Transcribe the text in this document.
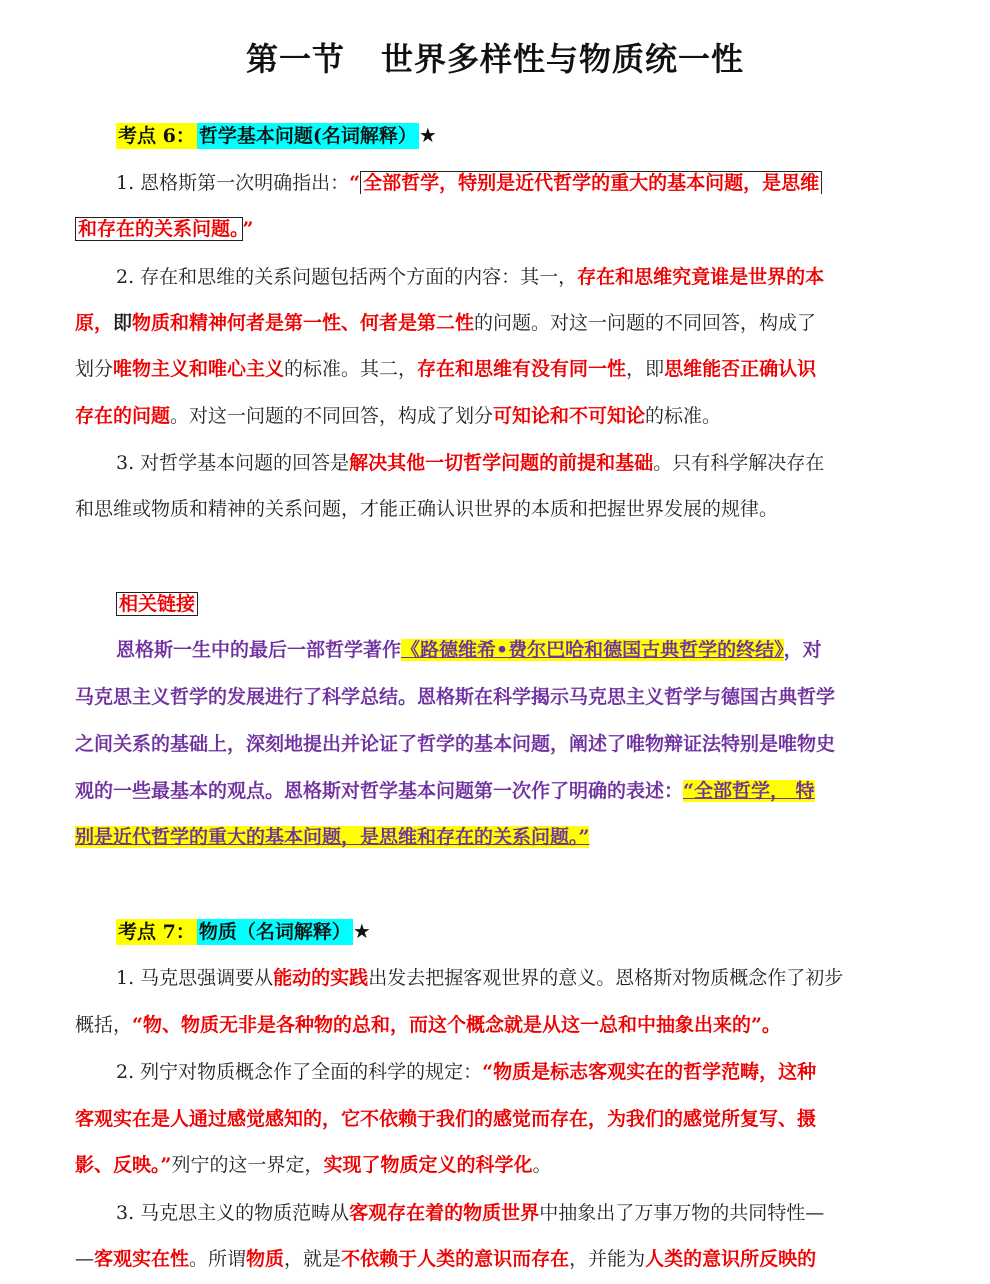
第一节 世界多样性与物质统一性
考点 6： 哲学基本问题(名词解释） ★
1. 恩格斯第一次明确指出：“ 全部哲学，特别是近代哲学的重大的基本问题，是思维
和存在的关系问题。 ”
2. 存在和思维的关系问题包括两个方面的内容：其一，存在和思维究竟谁是世界的本
原，即物质和精神何者是第一性、何者是第二性的问题。对这一问题的不同回答，构成了
划分唯物主义和唯心主义的标准。其二，存在和思维有没有同一性，即思维能否正确认识
存在的问题。对这一问题的不同回答，构成了划分可知论和不可知论的标准。
3. 对哲学基本问题的回答是解决其他一切哲学问题的前提和基础。只有科学解决存在
和思维或物质和精神的关系问题，才能正确认识世界的本质和把握世界发展的规律。
相关链接
恩格斯一生中的最后一部哲学著作《路德维希•费尔巴哈和德国古典哲学的终结》，对
马克思主义哲学的发展进行了科学总结。恩格斯在科学揭示马克思主义哲学与德国古典哲学
之间关系的基础上，深刻地提出并论证了哲学的基本问题，阐述了唯物辩证法特别是唯物史
观的一些最基本的观点。恩格斯对哲学基本问题第一次作了明确的表述：“全部哲学， 特
别是近代哲学的重大的基本问题，是思维和存在的关系问题。”
考点 7： 物质（名词解释） ★
1. 马克思强调要从能动的实践出发去把握客观世界的意义。恩格斯对物质概念作了初步
概括，“物、物质无非是各种物的总和，而这个概念就是从这一总和中抽象出来的”。
2. 列宁对物质概念作了全面的科学的规定：“物质是标志客观实在的哲学范畴，这种
客观实在是人通过感觉感知的，它不依赖于我们的感觉而存在，为我们的感觉所复写、摄
影、反映。”列宁的这一界定，实现了物质定义的科学化。
3. 马克思主义的物质范畴从客观存在着的物质世界中抽象出了万事万物的共同特性—
—客观实在性。所谓物质，就是不依赖于人类的意识而存在，并能为人类的意识所反映的
